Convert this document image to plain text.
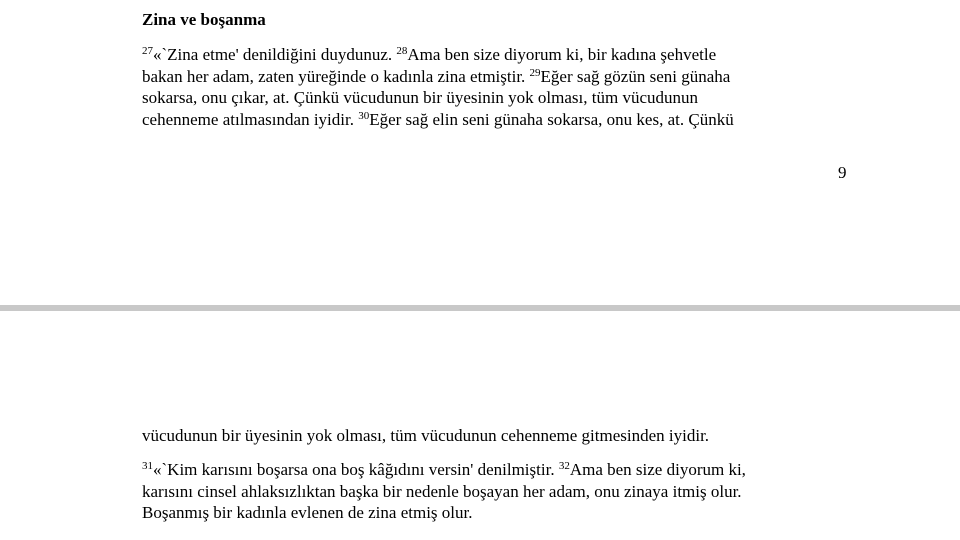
Zina ve boşanma

$^{27}$«`Zina etme' denildiğini duydunuz. $^{28}$Ama ben size diyorum ki, bir kadına şehvetle
bakan her adam, zaten yüreğinde o kadınla zina etmiştir. $^{29}$Eğer sağ gözün seni günaha
sokarsa, onu çıkar, at. Çünkü vücudunun bir üyesinin yok olması, tüm vücudunun
cehenneme atılmasından iyidir. $^{30}$Eğer sağ elin seni günaha sokarsa, onu kes, at. Çünkü

9

vücudunun bir üyesinin yok olması, tüm vücudunun cehenneme gitmesinden iyidir.

$^{31}$«`Kim karısını boşarsa ona boş kâğıdını versin' denilmiştir. $^{32}$Ama ben size diyorum ki,
karısını cinsel ahlaksızlıktan başka bir nedenle boşayan her adam, onu zinaya itmiş olur.
Boşanmış bir kadınla evlenen de zina etmiş olur.
